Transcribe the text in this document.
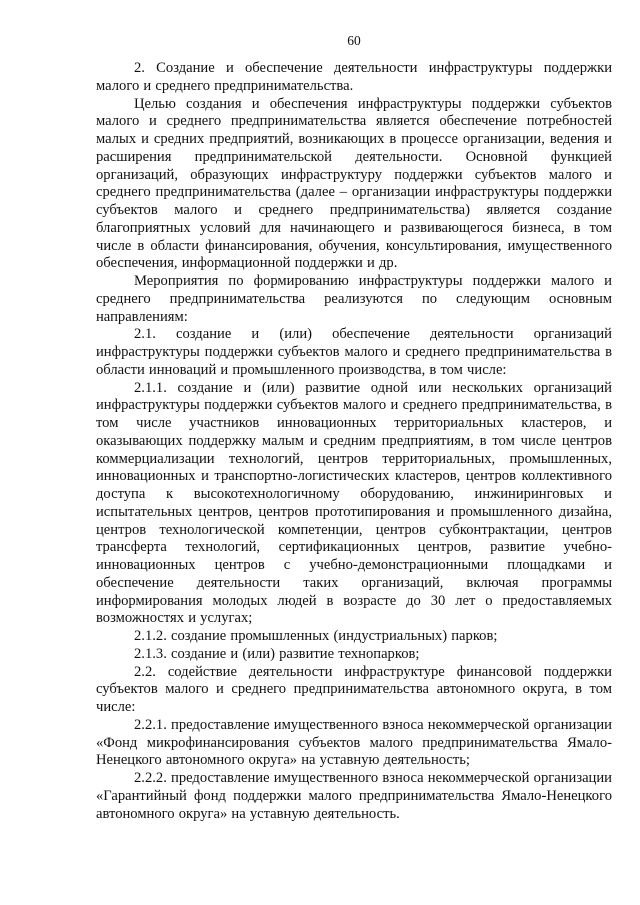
60

2. Создание и обеспечение деятельности инфраструктуры поддержки малого и среднего предпринимательства.

Целью создания и обеспечения инфраструктуры поддержки субъектов малого и среднего предпринимательства является обеспечение потребностей малых и средних предприятий, возникающих в процессе организации, ведения и расширения предпринимательской деятельности. Основной функцией организаций, образующих инфраструктуру поддержки субъектов малого и среднего предпринимательства (далее – организации инфраструктуры поддержки субъектов малого и среднего предпринимательства) является создание благоприятных условий для начинающего и развивающегося бизнеса, в том числе в области финансирования, обучения, консультирования, имущественного обеспечения, информационной поддержки и др.

Мероприятия по формированию инфраструктуры поддержки малого и среднего предпринимательства реализуются по следующим основным направлениям:

2.1. создание и (или) обеспечение деятельности организаций инфраструктуры поддержки субъектов малого и среднего предпринимательства в области инноваций и промышленного производства, в том числе:

2.1.1. создание и (или) развитие одной или нескольких организаций инфраструктуры поддержки субъектов малого и среднего предпринимательства, в том числе участников инновационных территориальных кластеров, и оказывающих поддержку малым и средним предприятиям, в том числе центров коммерциализации технологий, центров территориальных, промышленных, инновационных и транспортно-логистических кластеров, центров коллективного доступа к высокотехнологичному оборудованию, инжиниринговых и испытательных центров, центров прототипирования и промышленного дизайна, центров технологической компетенции, центров субконтрактации, центров трансферта технологий, сертификационных центров, развитие учебно-инновационных центров с учебно-демонстрационными площадками и обеспечение деятельности таких организаций, включая программы информирования молодых людей в возрасте до 30 лет о предоставляемых возможностях и услугах;

2.1.2. создание промышленных (индустриальных) парков;

2.1.3. создание и (или) развитие технопарков;

2.2. содействие деятельности инфраструктуре финансовой поддержки субъектов малого и среднего предпринимательства автономного округа, в том числе:

2.2.1. предоставление имущественного взноса некоммерческой организации «Фонд микрофинансирования субъектов малого предпринимательства Ямало-Ненецкого автономного округа» на уставную деятельность;

2.2.2. предоставление имущественного взноса некоммерческой организации «Гарантийный фонд поддержки малого предпринимательства Ямало-Ненецкого автономного округа» на уставную деятельность.
